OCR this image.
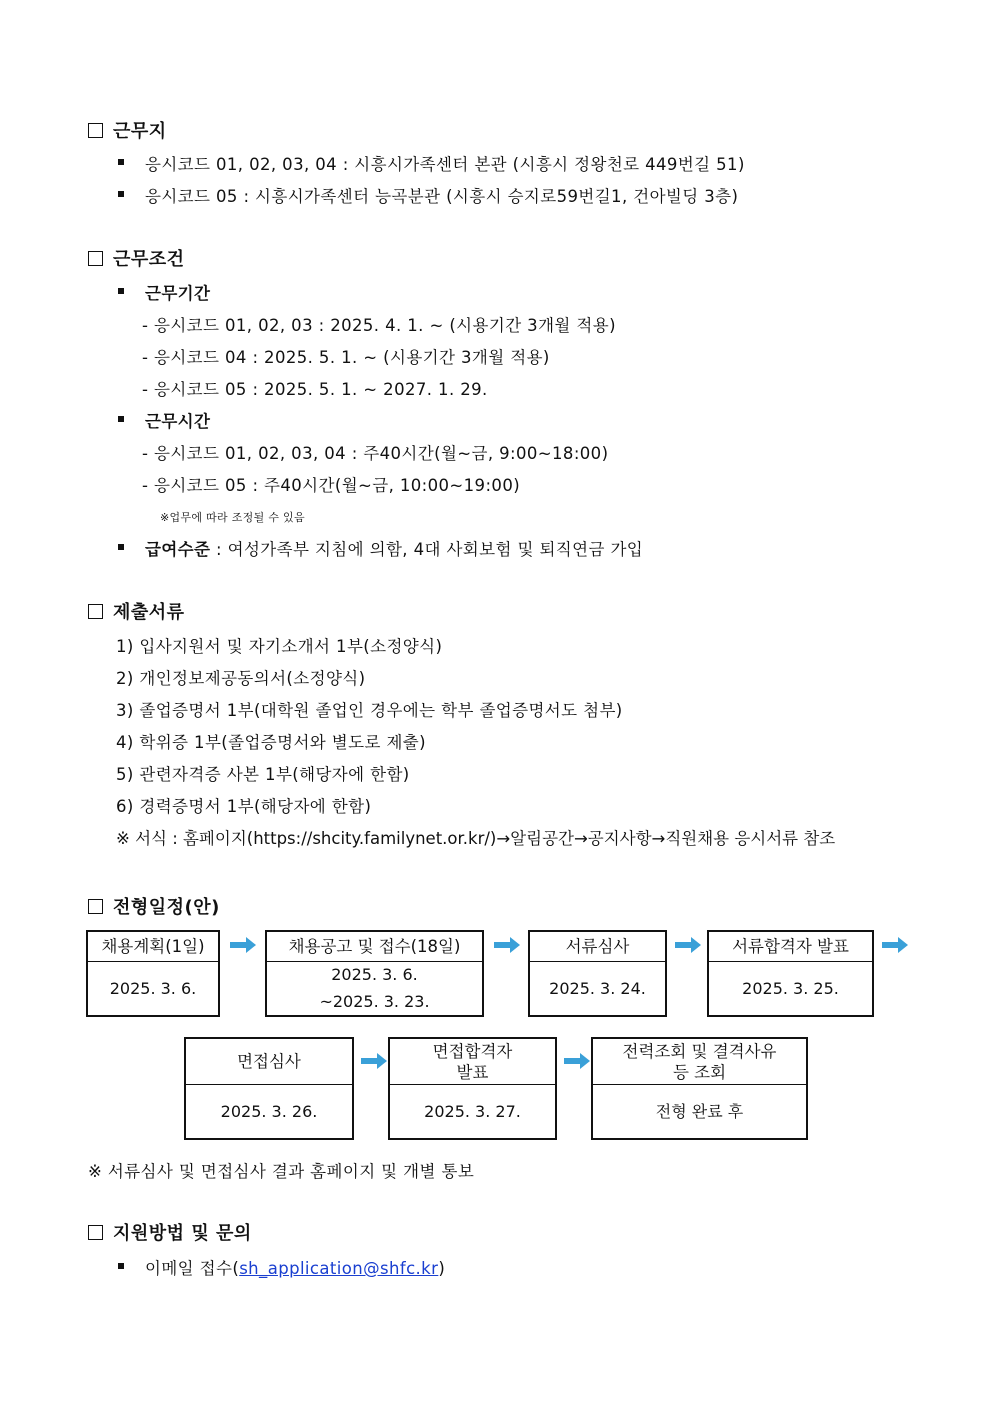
근무지
응시코드 01, 02, 03, 04 : 시흥시가족센터 본관 (시흥시 정왕천로 449번길 51)
응시코드 05 : 시흥시가족센터 능곡분관 (시흥시 승지로59번길1, 건아빌딩 3층)
근무조건
근무기간
- 응시코드 01, 02, 03 : 2025. 4. 1. ~ (시용기간 3개월 적용)
- 응시코드 04 : 2025. 5. 1. ~ (시용기간 3개월 적용)
- 응시코드 05 : 2025. 5. 1. ~ 2027. 1. 29.
근무시간
- 응시코드 01, 02, 03, 04 : 주40시간(월~금, 9:00~18:00)
- 응시코드 05 : 주40시간(월~금, 10:00~19:00)
※업무에 따라 조정될 수 있음
급여수준 : 여성가족부 지침에 의함, 4대 사회보험 및 퇴직연금 가입
제출서류
1) 입사지원서 및 자기소개서 1부(소정양식)
2) 개인정보제공동의서(소정양식)
3) 졸업증명서 1부(대학원 졸업인 경우에는 학부 졸업증명서도 첨부)
4) 학위증 1부(졸업증명서와 별도로 제출)
5) 관련자격증 사본 1부(해당자에 한함)
6) 경력증명서 1부(해당자에 한함)
※ 서식 : 홈페이지(https://shcity.familynet.or.kr/)→알림공간→공지사항→직원채용 응시서류 참조
전형일정(안)
채용계획(1일)
2025. 3. 6.
채용공고 및 접수(18일)
2025. 3. 6.
~2025. 3. 23.
서류심사
2025. 3. 24.
서류합격자 발표
2025. 3. 25.
면접심사
2025. 3. 26.
면접합격자
발표
2025. 3. 27.
전력조회 및 결격사유
등 조회
전형 완료 후
※ 서류심사 및 면접심사 결과 홈페이지 및 개별 통보
지원방법 및 문의
이메일 접수(sh_application@shfc.kr)
